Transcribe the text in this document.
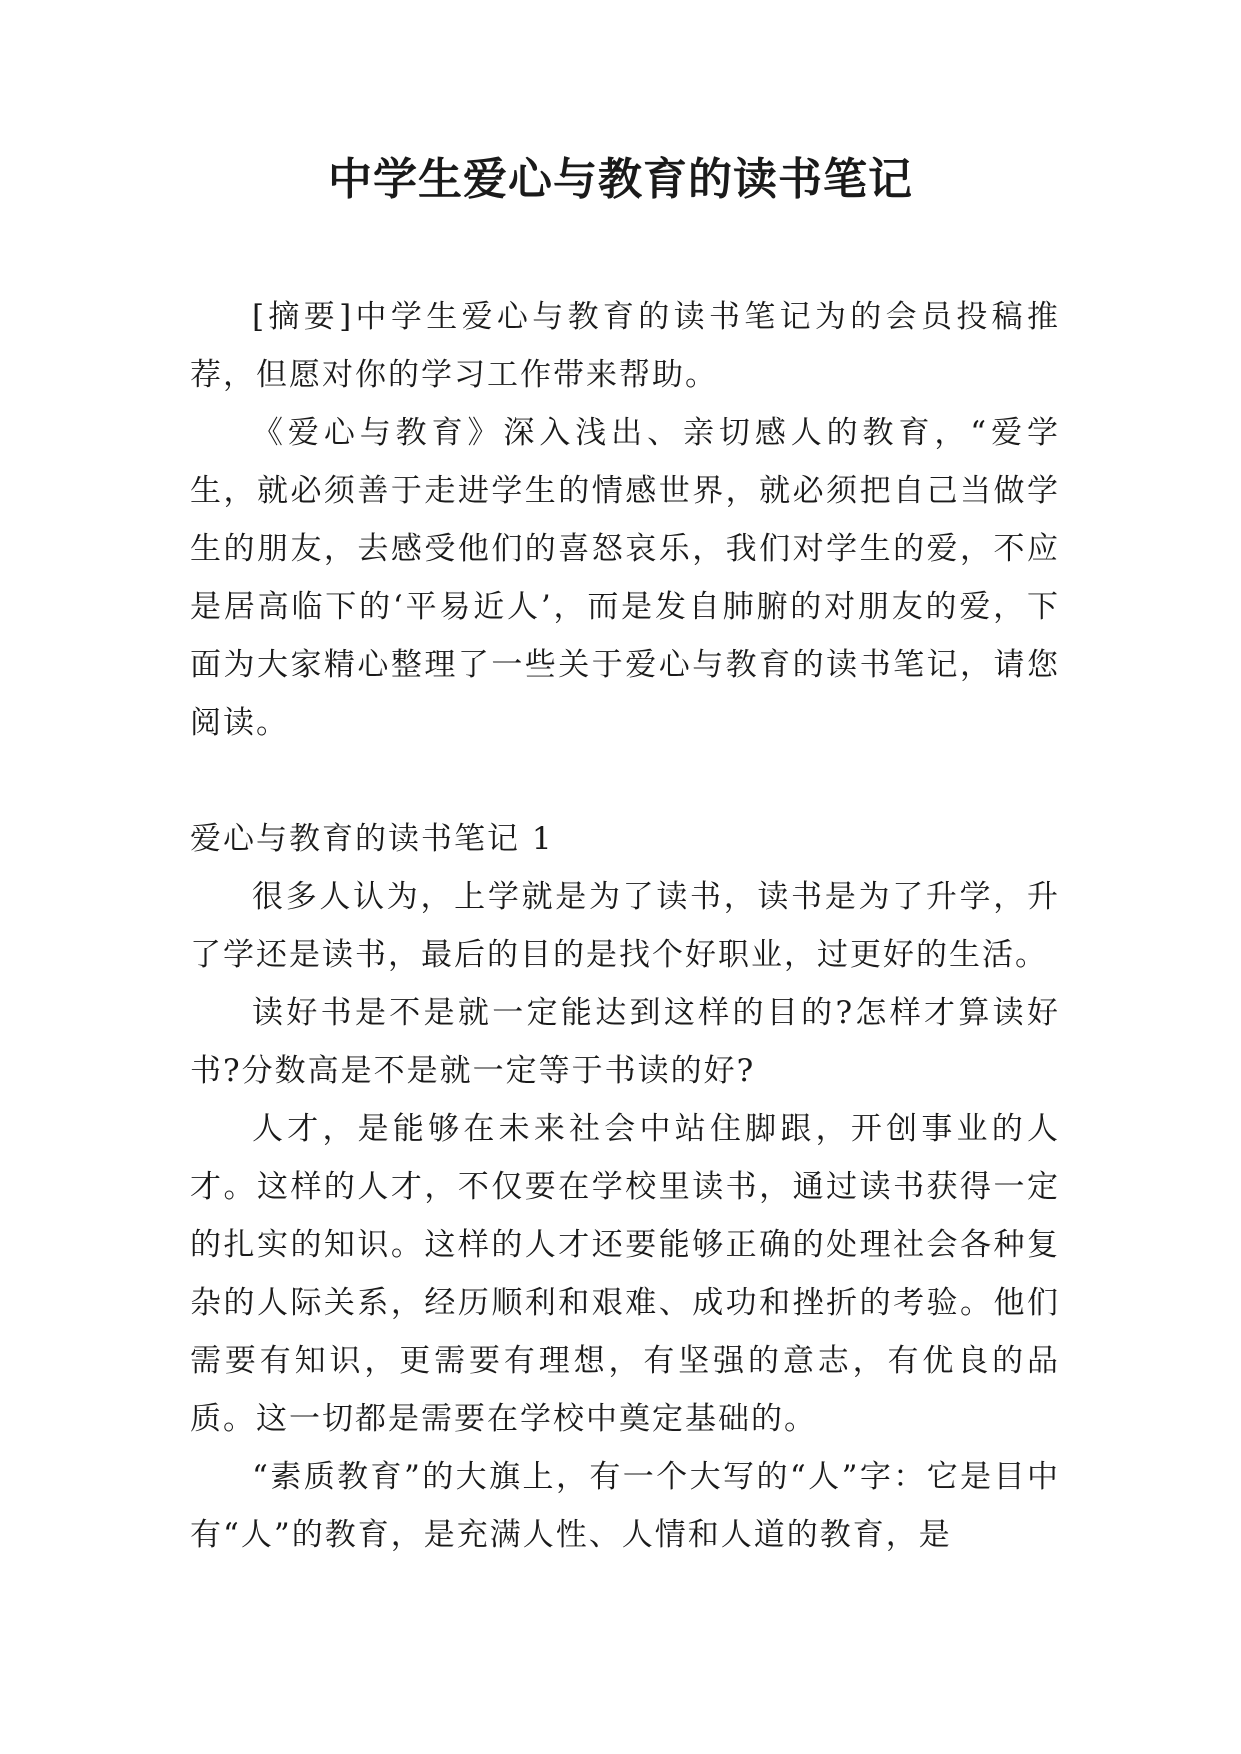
中学生爱心与教育的读书笔记

[摘要]中学生爱心与教育的读书笔记为的会员投稿推荐，但愿对你的学习工作带来帮助。

《爱心与教育》深入浅出、亲切感人的教育，“爱学生，就必须善于走进学生的情感世界，就必须把自己当做学生的朋友，去感受他们的喜怒哀乐，我们对学生的爱，不应是居高临下的‘平易近人’，而是发自肺腑的对朋友的爱，下面为大家精心整理了一些关于爱心与教育的读书笔记，请您阅读。

爱心与教育的读书笔记 1

很多人认为，上学就是为了读书，读书是为了升学，升了学还是读书，最后的目的是找个好职业，过更好的生活。

读好书是不是就一定能达到这样的目的?怎样才算读好书?分数高是不是就一定等于书读的好?

人才，是能够在未来社会中站住脚跟，开创事业的人才。这样的人才，不仅要在学校里读书，通过读书获得一定的扎实的知识。这样的人才还要能够正确的处理社会各种复杂的人际关系，经历顺利和艰难、成功和挫折的考验。他们需要有知识，更需要有理想，有坚强的意志，有优良的品质。这一切都是需要在学校中奠定基础的。

“素质教育”的大旗上，有一个大写的“人”字：它是目中有“人”的教育，是充满人性、人情和人道的教育，是
